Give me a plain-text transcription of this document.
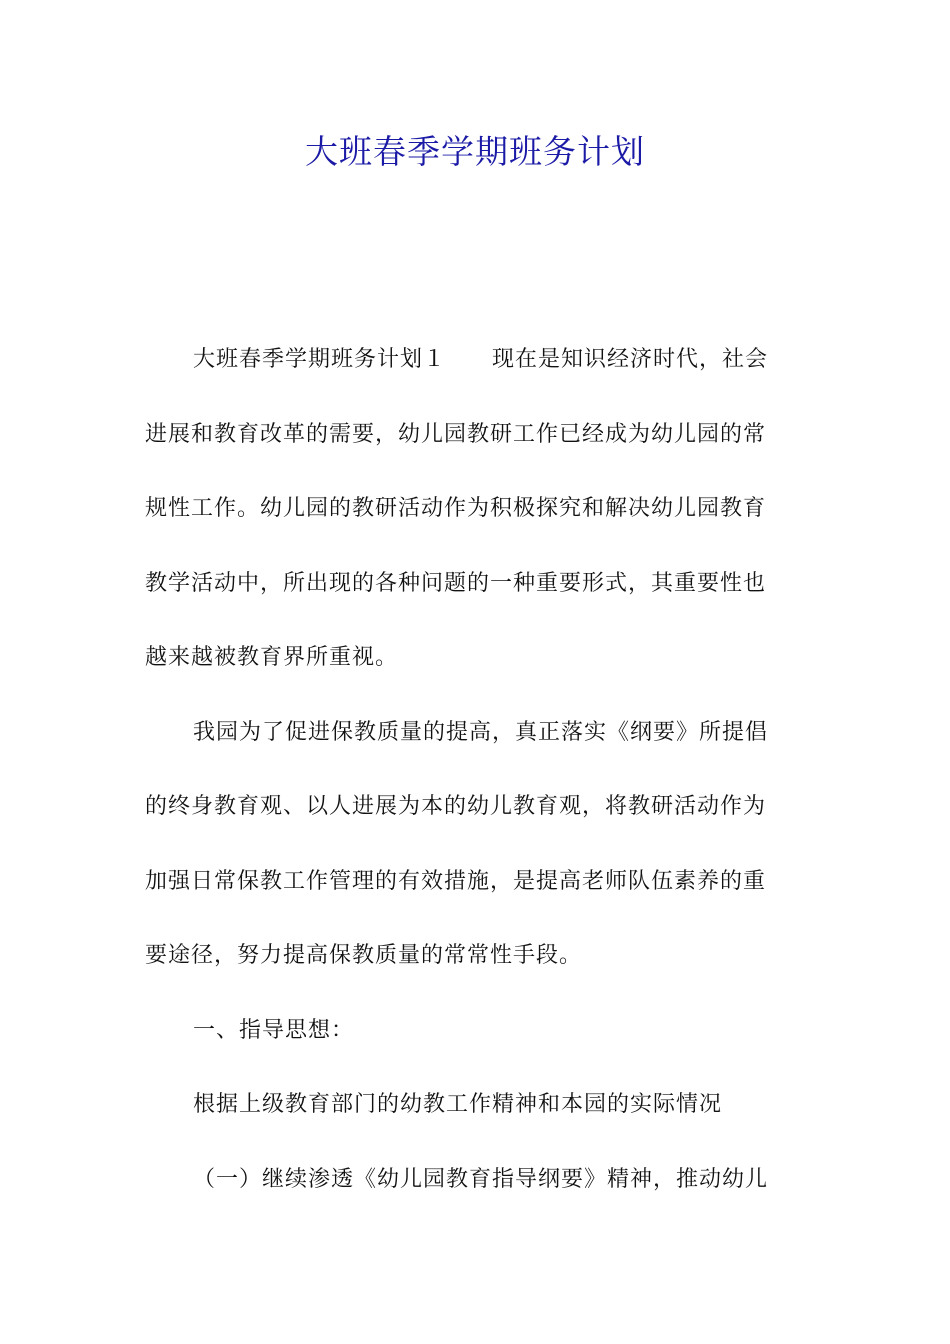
大班春季学期班务计划
大班春季学期班务计划１ 现在是知识经济时代，社会
进展和教育改革的需要，幼儿园教研工作已经成为幼儿园的常
规性工作。幼儿园的教研活动作为积极探究和解决幼儿园教育
教学活动中，所出现的各种问题的一种重要形式，其重要性也
越来越被教育界所重视。
我园为了促进保教质量的提高，真正落实《纲要》所提倡
的终身教育观、以人进展为本的幼儿教育观，将教研活动作为
加强日常保教工作管理的有效措施，是提高老师队伍素养的重
要途径，努力提高保教质量的常常性手段。
一、指导思想：
根据上级教育部门的幼教工作精神和本园的实际情况
（一）继续渗透《幼儿园教育指导纲要》精神，推动幼儿
